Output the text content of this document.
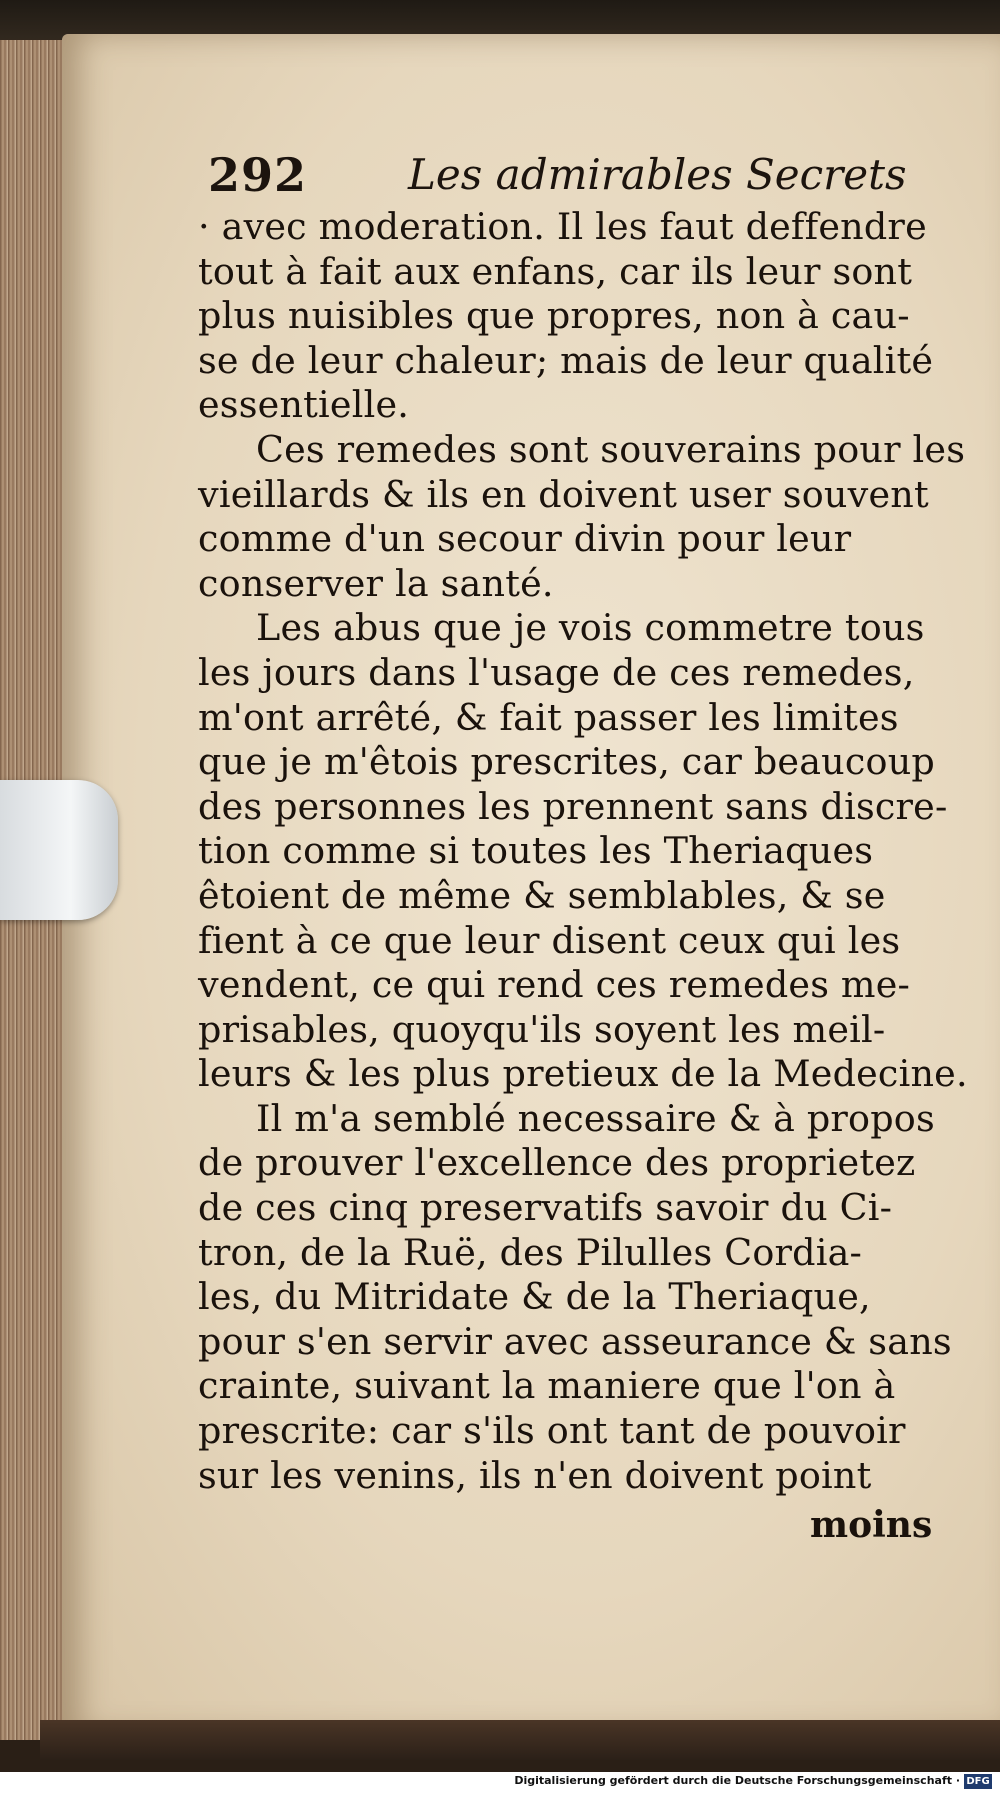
292 Les admirables Secrets
· avec moderation. Il les faut deffendre
tout à fait aux enfans, car ils leur sont
plus nuisibles que propres, non à cau-
se de leur chaleur; mais de leur qualité
essentielle.
Ces remedes sont souverains pour les
vieillards & ils en doivent user souvent
comme d'un secour divin pour leur
conserver la santé.
Les abus que je vois commetre tous
les jours dans l'usage de ces remedes,
m'ont arrêté, & fait passer les limites
que je m'êtois prescrites, car beaucoup
des personnes les prennent sans discre-
tion comme si toutes les Theriaques
êtoient de même & semblables, & se
fient à ce que leur disent ceux qui les
vendent, ce qui rend ces remedes me-
prisables, quoyqu'ils soyent les meil-
leurs & les plus pretieux de la Medecine.
Il m'a semblé necessaire & à propos
de prouver l'excellence des proprietez
de ces cinq preservatifs savoir du Ci-
tron, de la Ruë, des Pilulles Cordia-
les, du Mitridate & de la Theriaque,
pour s'en servir avec asseurance & sans
crainte, suivant la maniere que l'on à
prescrite: car s'ils ont tant de pouvoir
sur les venins, ils n'en doivent point
moins
Digitalisierung gefördert durch die Deutsche Forschungsgemeinschaft · DFG
